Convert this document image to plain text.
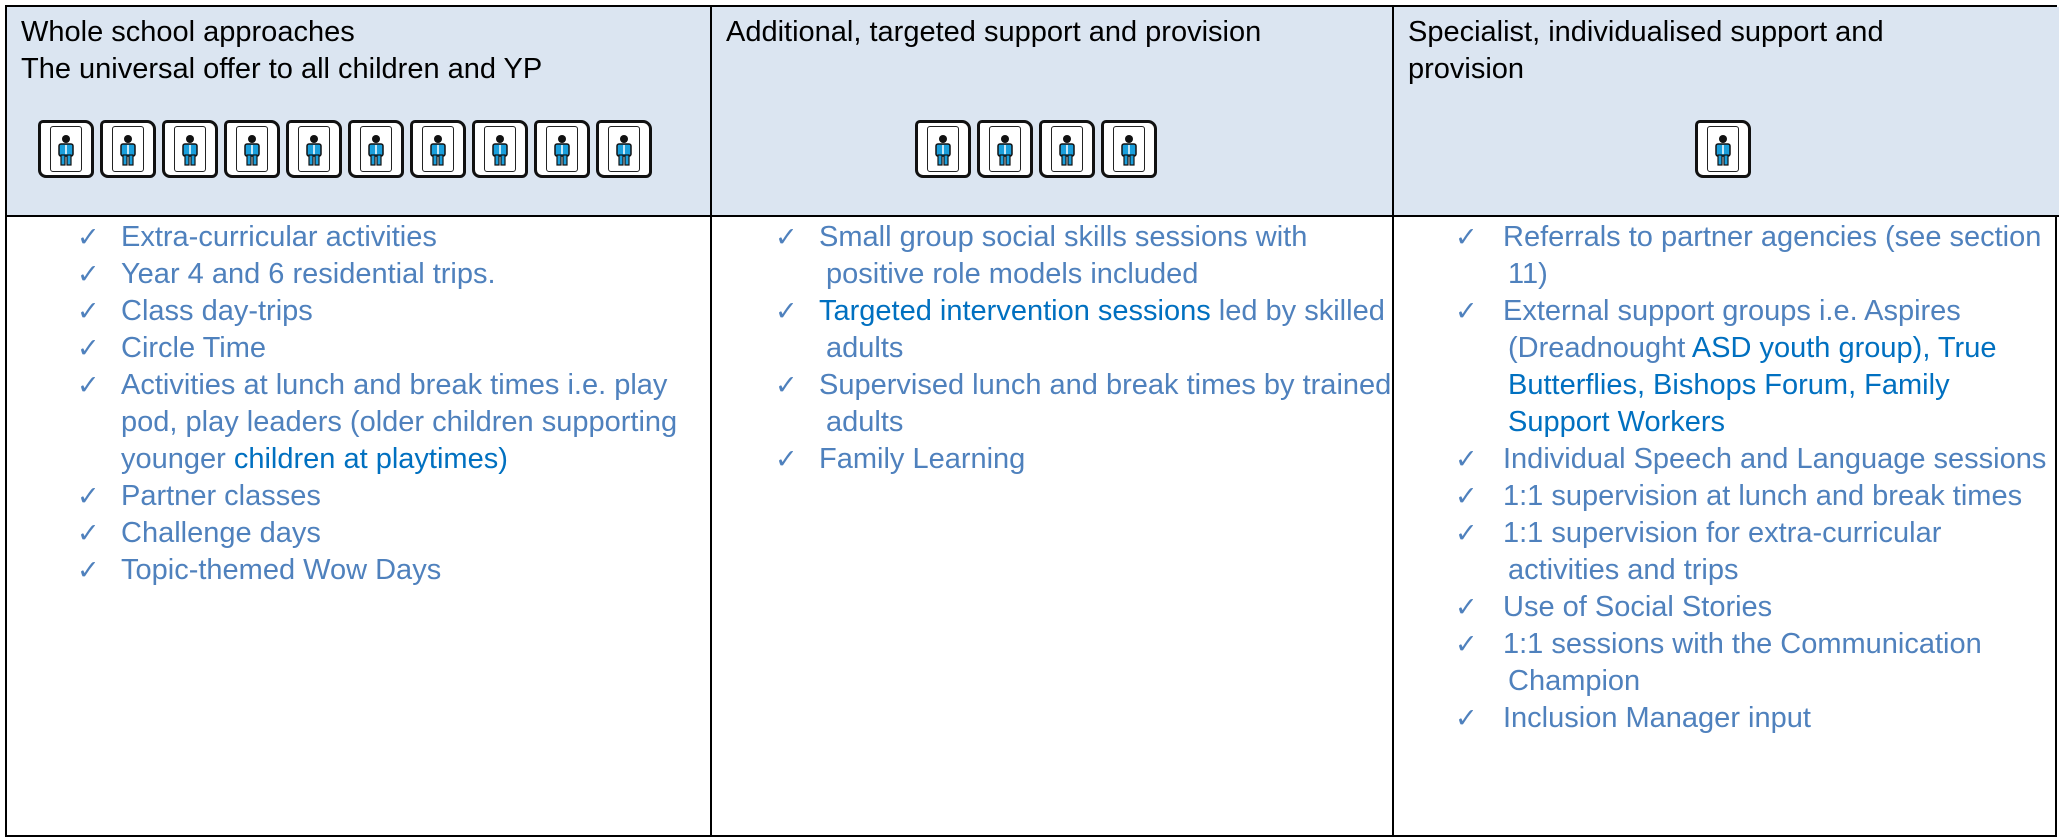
Whole school approaches
The universal offer to all children and YP
✓ Extra-curricular activities
✓ Year 4 and 6 residential trips.
✓ Class day-trips
✓ Circle Time
✓ Activities at lunch and break times i.e. play pod, play leaders (older children supporting younger children at playtimes)
✓ Partner classes
✓ Challenge days
✓ Topic-themed Wow Days
Additional, targeted support and provision
✓ Small group social skills sessions with positive role models included
✓ Targeted intervention sessions led by skilled adults
✓ Supervised lunch and break times by trained adults
✓ Family Learning
Specialist, individualised support and
provision
✓ Referrals to partner agencies (see section 11)
✓ External support groups i.e. Aspires (Dreadnought ASD youth group), True Butterflies, Bishops Forum, Family Support Workers
✓ Individual Speech and Language sessions
✓ 1:1 supervision at lunch and break times
✓ 1:1 supervision for extra-curricular activities and trips
✓ Use of Social Stories
✓ 1:1 sessions with the Communication Champion
✓ Inclusion Manager input
